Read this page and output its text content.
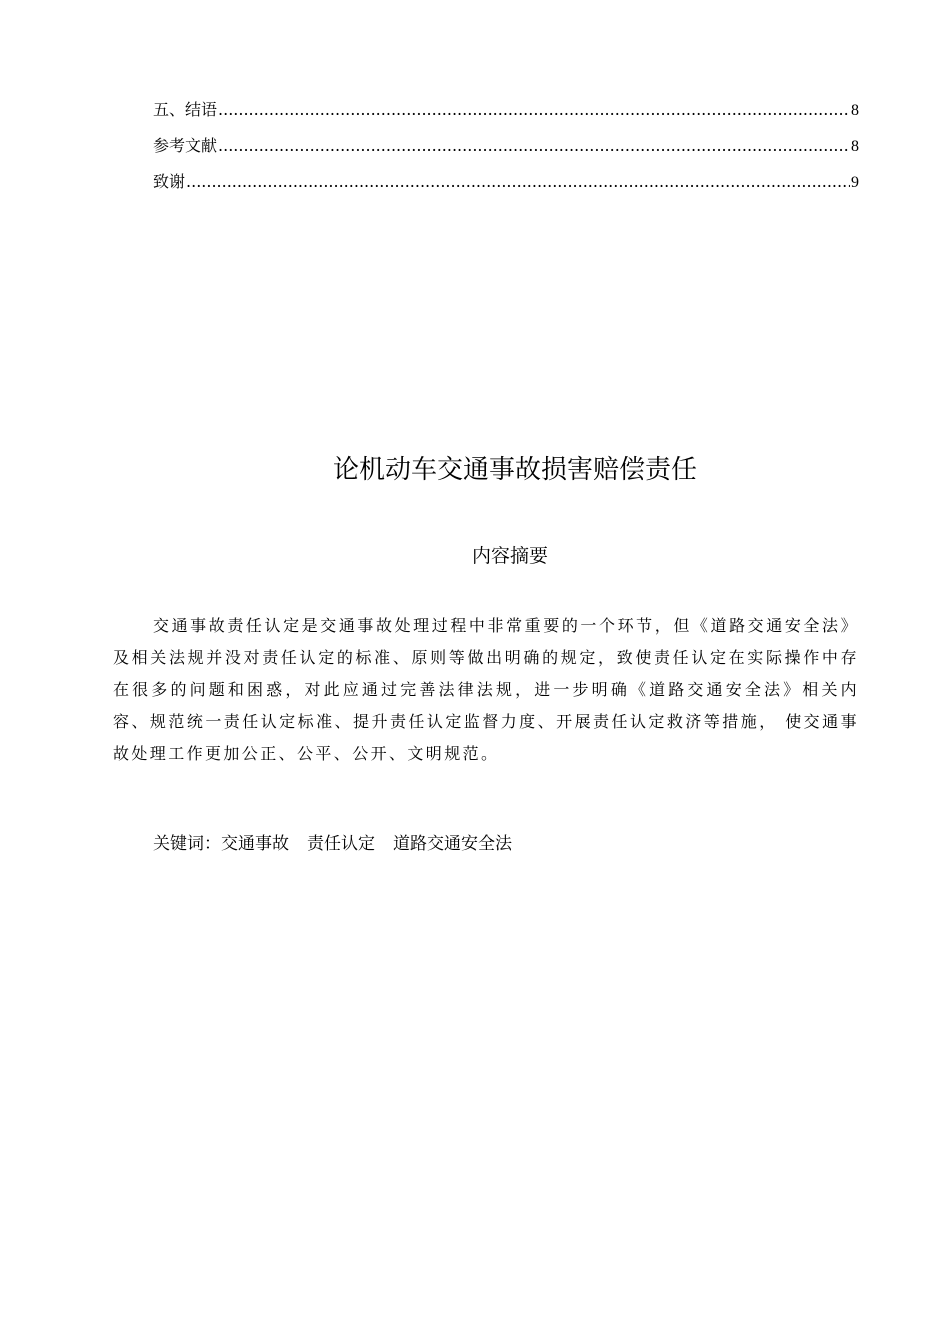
五、结语 .....	8
参考文献 .....	8
致谢 .....	9
论机动车交通事故损害赔偿责任
内容摘要

交通事故责任认定是交通事故处理过程中非常重要的一个环节，但《道路交通安全法》及相关法规并没对责任认定的标准、原则等做出明确的规定，致使责任认定在实际操作中存在很多的问题和困惑，对此应通过完善法律法规，进一步明确《道路交通安全法》相关内容、规范统一责任认定标准、提升责任认定监督力度、开展责任认定救济等措施， 使交通事故处理工作更加公正、公平、公开、文明规范。

关键词：交通事故 责任认定 道路交通安全法
